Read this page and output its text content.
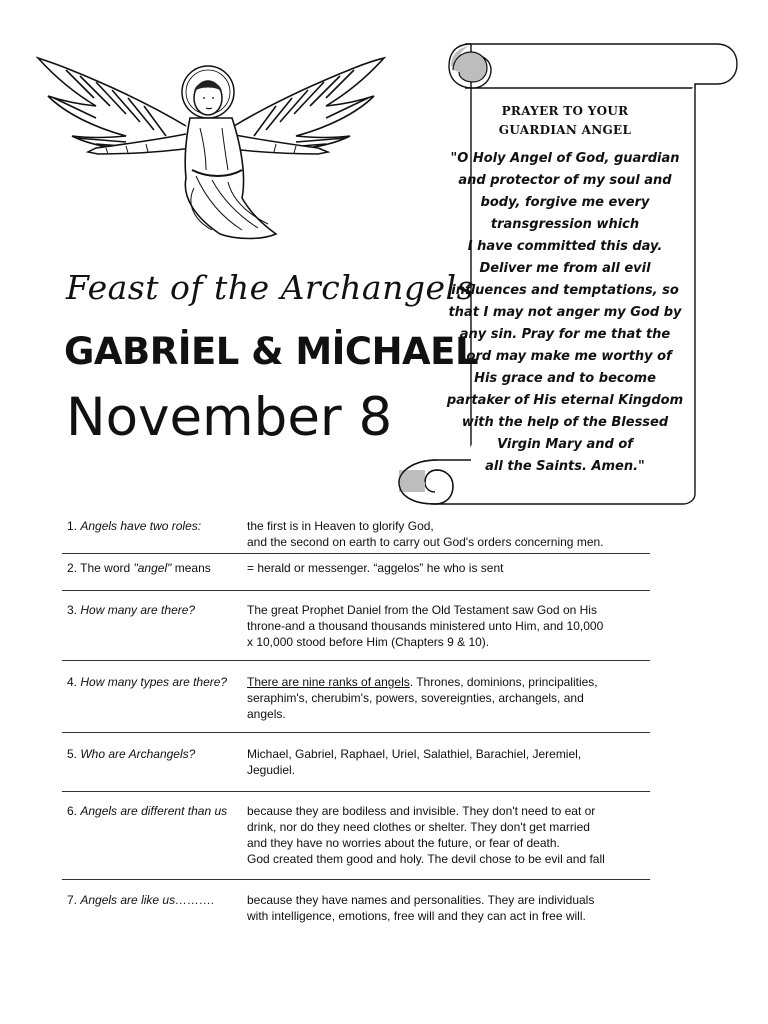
Feast of the Archangels
GABRİEL & MİCHAEL
November 8
PRAYER TO YOUR
GUARDIAN ANGEL
"O Holy Angel of God, guardian
and protector of my soul and
body, forgive me every
transgression which
I have committed this day.
Deliver me from all evil
influences and temptations, so
that I may not anger my God by
any sin. Pray for me that the
Lord may make me worthy of
His grace and to become
partaker of His eternal Kingdom
with the help of the Blessed
Virgin Mary and of
all the Saints. Amen."
1. Angels have two roles:	the first is in Heaven to glorify God,
and the second on earth to carry out God's orders concerning men.
2. The word "angel" means	= herald or messenger. “aggelos” he who is sent
3. How many are there?	The great Prophet Daniel from the Old Testament saw God on His
throne-and a thousand thousands ministered unto Him, and 10,000
x 10,000 stood before Him (Chapters 9 & 10).
4. How many types are there?	There are nine ranks of angels. Thrones, dominions, principalities,
seraphim's, cherubim's, powers, sovereignties, archangels, and
angels.
5. Who are Archangels?	Michael, Gabriel, Raphael, Uriel, Salathiel, Barachiel, Jeremiel,
Jegudiel.
6. Angels are different than us	because they are bodiless and invisible. They don't need to eat or
drink, nor do they need clothes or shelter. They don't get married
and they have no worries about the future, or fear of death.
God created them good and holy. The devil chose to be evil and fall
7. Angels are like us……….	because they have names and personalities. They are individuals
with intelligence, emotions, free will and they can act in free will.
